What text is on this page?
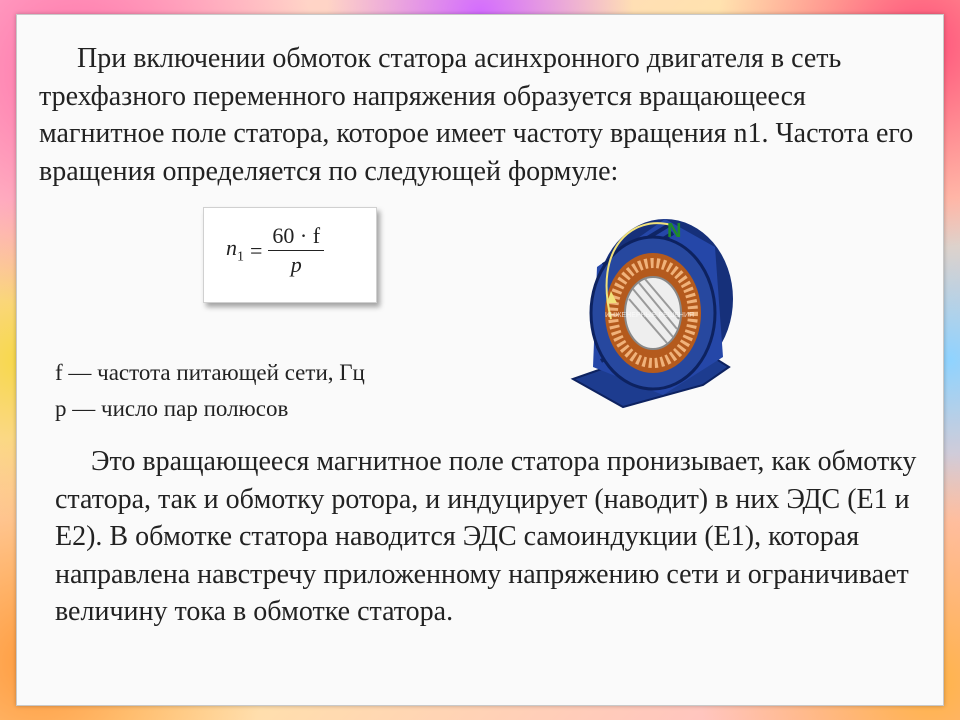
При включении обмоток статора асинхронного двигателя в сеть трехфазного переменного напряжения образуется вращающееся магнитное поле статора, которое имеет частоту вращения n1. Частота его вращения определяется по следующей формуле:

$n_1 = \frac{60 \cdot f}{p}$
f — частота питающей сети, Гц
p — число пар полюсов
N
ИНЖЕНЕРНЫЕ РЕШЕНИЯ

Это вращающееся магнитное поле статора пронизывает, как обмотку статора, так и обмотку ротора, и индуцирует (наводит) в них ЭДС (Е1 и Е2). В обмотке статора наводится ЭДС самоиндукции (Е1), которая направлена навстречу приложенному напряжению сети и ограничивает величину тока в обмотке статора.
